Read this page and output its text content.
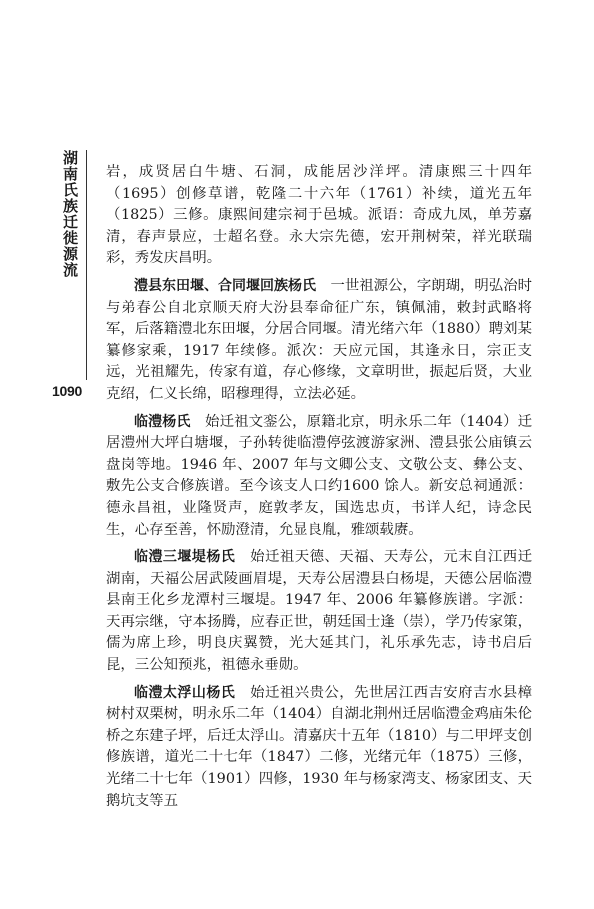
湖南氏族迁徙源流
1090

岩，成贤居白牛塘、石洞，成能居沙洋坪。清康熙三十四年（1695）创修草谱，乾隆二十六年（1761）补续，道光五年（1825）三修。康熙间建宗祠于邑城。派语：奇成九凤，单芳嘉清，春声景应，士超名登。永大宗先德，宏开荆树荣，祥光联瑞彩，秀发庆昌明。

澧县东田堰、合同堰回族杨氏　 一世祖源公，字朗瑚，明弘治时与弟春公自北京顺天府大汾县奉命征广东，镇佩浦，敕封武略将军，后落籍澧北东田堰，分居合同堰。清光绪六年（1880）聘刘某纂修家乘，1917 年续修。派次：天应元国，其逢永日，宗正支远，光祖耀先，传家有道，存心修缘，文章明世，振起后贤，大业克绍，仁义长绵，昭穆理得，立法必延。

临澧杨氏　 始迁祖文銮公，原籍北京，明永乐二年（1404）迁居澧州大坪白塘堰，子孙转徙临澧停弦渡游家洲、澧县张公庙镇云盘岗等地。1946 年、2007 年与文卿公支、文敬公支、彝公支、敷先公支合修族谱。至今该支人口约1600 馀人。新安总祠通派：德永昌祖，业隆贤声，庭敦孝友，国选忠贞，书详人纪，诗念民生，心存至善，怀励澄清，允显良胤，雅颂载赓。

临澧三堰堤杨氏　 始迁祖天德、天福、天寿公，元末自江西迁湖南，天福公居武陵画眉堤，天寿公居澧县白杨堤，天德公居临澧县南王化乡龙潭村三堰堤。1947 年、2006 年纂修族谱。字派：天再宗继，守本扬腾，应春正世，朝廷国士逢（崇），学乃传家策，儒为席上珍，明良庆翼赞，光大延其门，礼乐承先志，诗书启后昆，三公知预兆，祖德永垂勋。

临澧太浮山杨氏　 始迁祖兴贵公，先世居江西吉安府吉水县樟树村双栗树，明永乐二年（1404）自湖北荆州迁居临澧金鸡庙朱伦桥之东建子坪，后迁太浮山。清嘉庆十五年（1810）与二甲坪支创修族谱，道光二十七年（1847）二修，光绪元年（1875）三修，光绪二十七年（1901）四修，1930 年与杨家湾支、杨家团支、天鹅坑支等五
